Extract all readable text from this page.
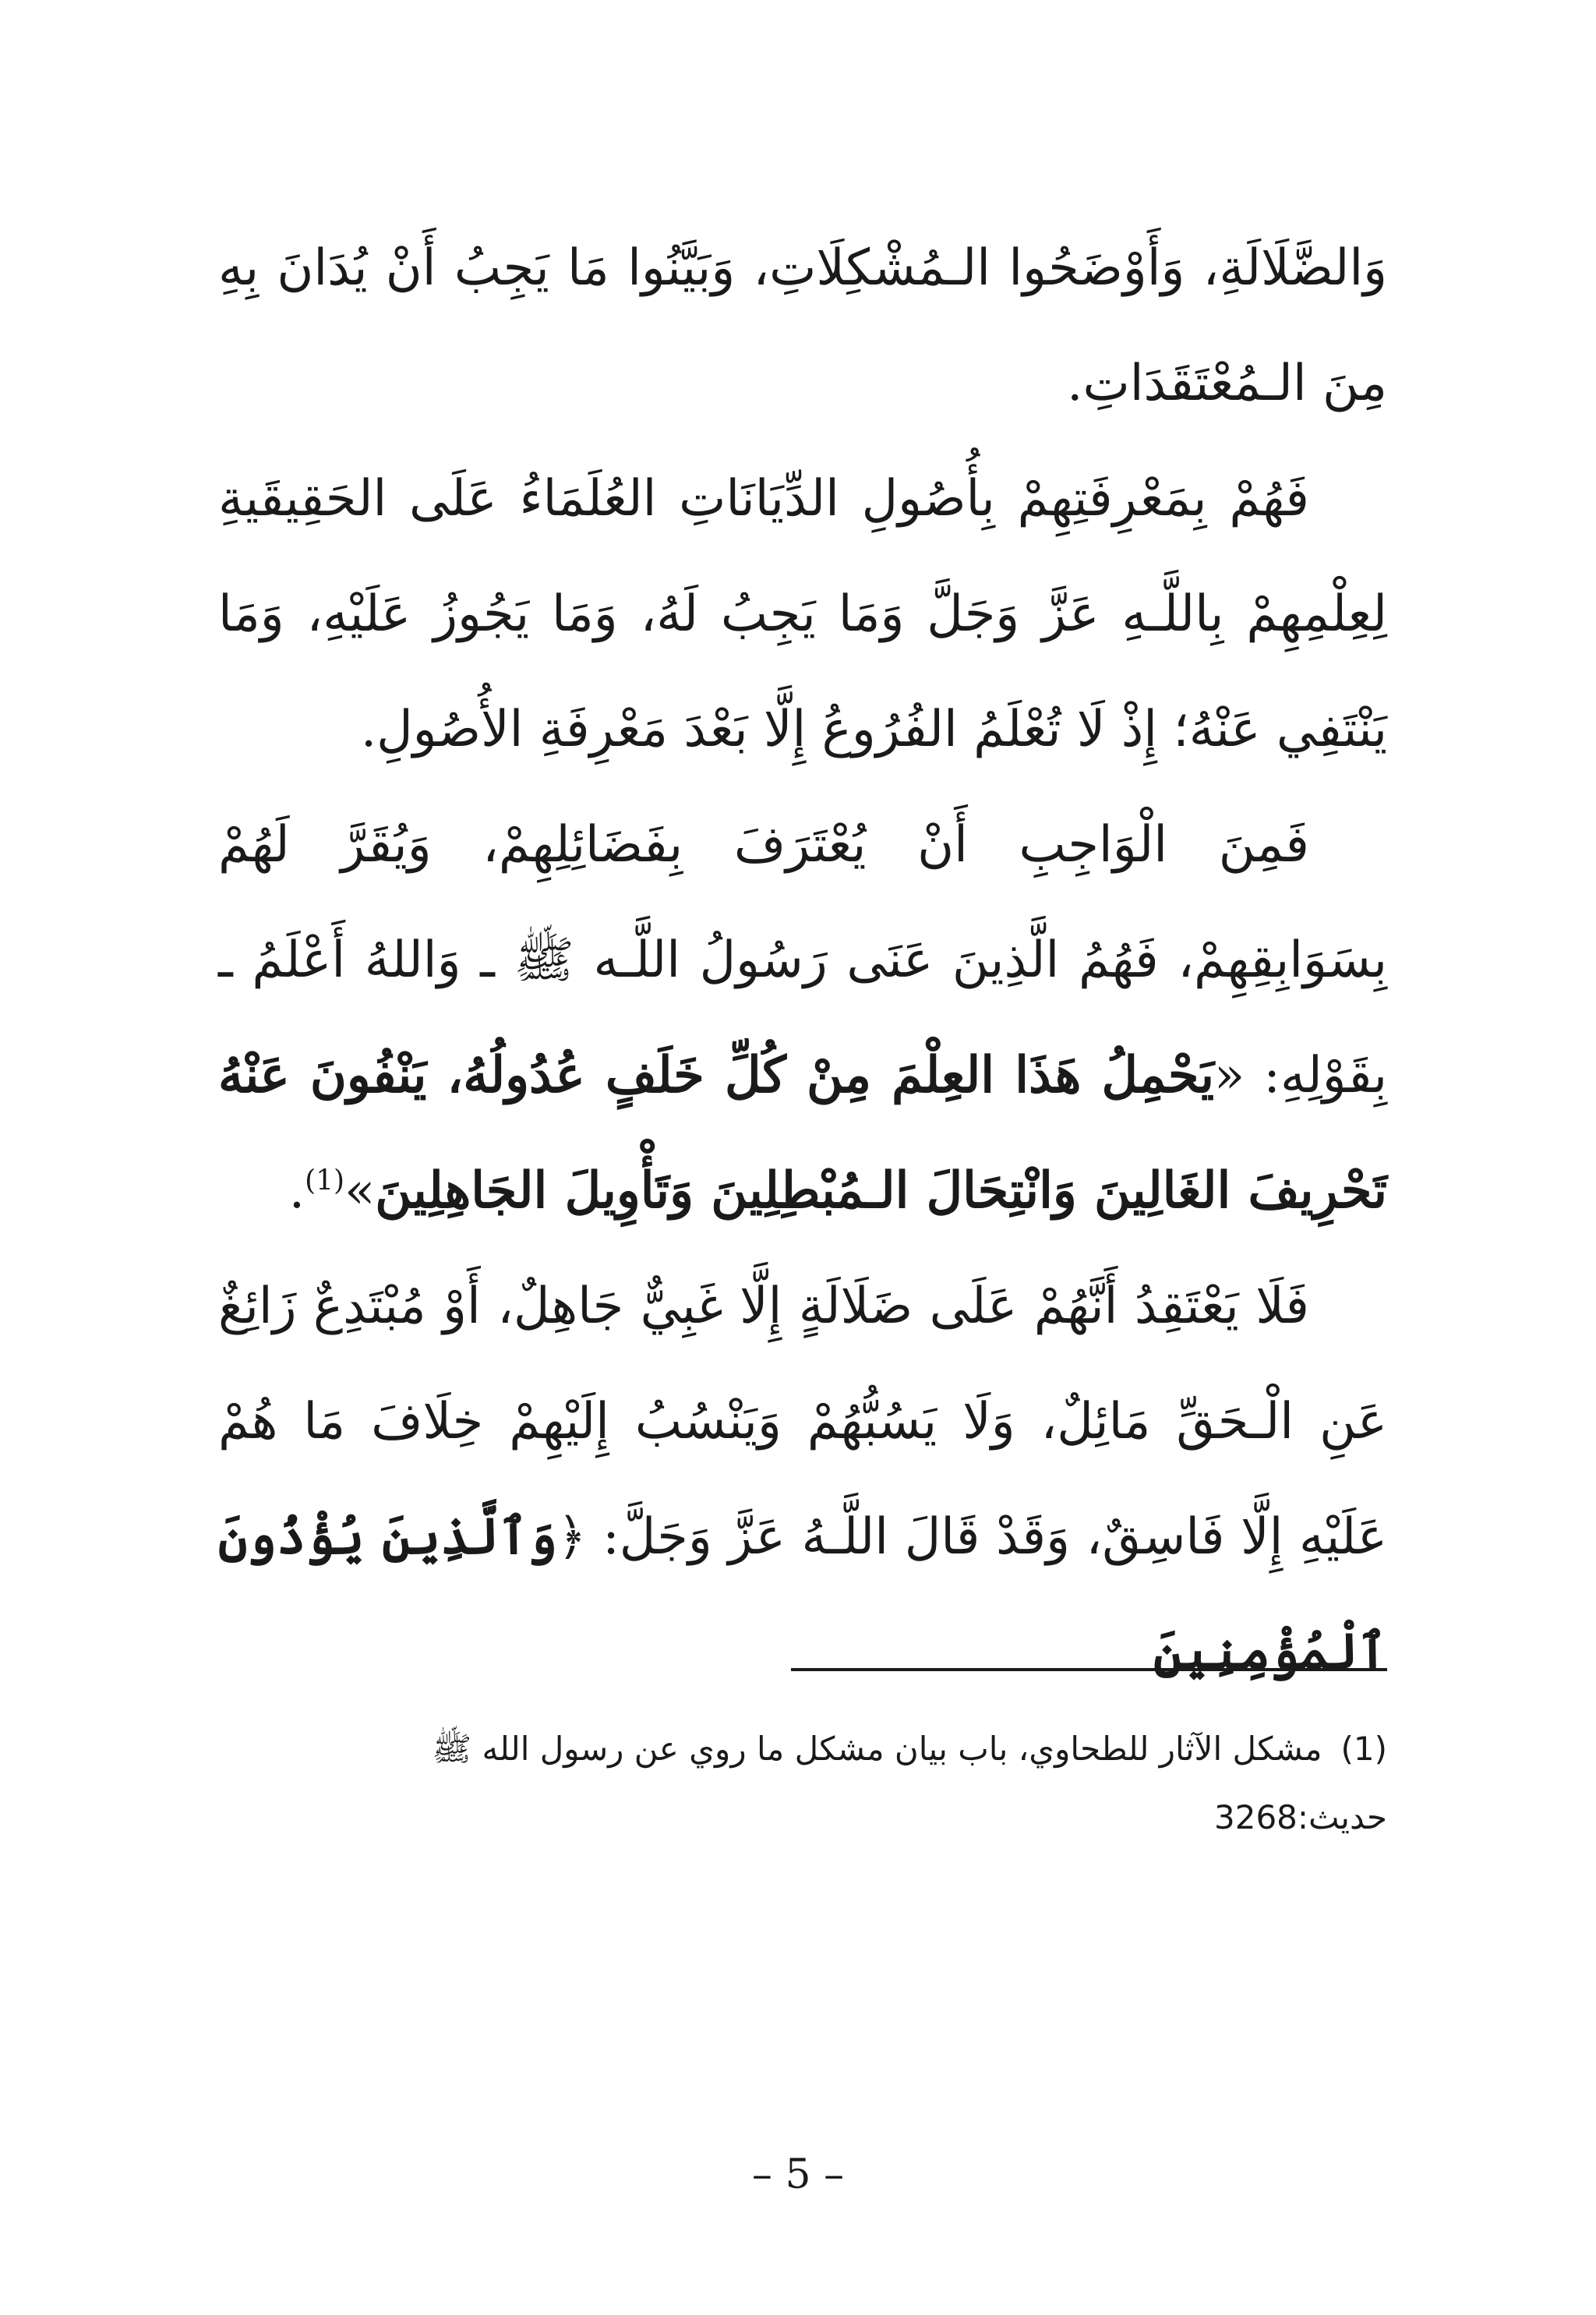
وَالضَّلَالَةِ، وَأَوْضَحُوا الـمُشْكِلَاتِ، وَبَيَّنُوا مَا يَجِبُ أَنْ يُدَانَ بِهِ مِنَ الـمُعْتَقَدَاتِ.

فَهُمْ بِمَعْرِفَتِهِمْ بِأُصُولِ الدِّيَانَاتِ العُلَمَاءُ عَلَى الحَقِيقَيةِ لِعِلْمِهِمْ بِاللَّـهِ عَزَّ وَجَلَّ وَمَا يَجِبُ لَهُ، وَمَا يَجُوزُ عَلَيْهِ، وَمَا يَنْتَفِي عَنْهُ؛ إِذْ لَا تُعْلَمُ الفُرُوعُ إِلَّا بَعْدَ مَعْرِفَةِ الأُصُولِ.

فَمِنَ الْوَاجِبِ أَنْ يُعْتَرَفَ بِفَضَائِلِهِمْ، وَيُقَرَّ لَهُمْ بِسَوَابِقِهِمْ، فَهُمُ الَّذِينَ عَنَى رَسُولُ اللَّـه ﷺ ـ وَاللهُ أَعْلَمُ ـ بِقَوْلِهِ: «يَحْمِلُ هَذَا العِلْمَ مِنْ كُلِّ خَلَفٍ عُدُولُهُ، يَنْفُونَ عَنْهُ تَحْرِيفَ الغَالِينَ وَانْتِحَالَ الـمُبْطِلِينَ وَتَأْوِيلَ الجَاهِلِينَ»$^{(1)}$.

فَلَا يَعْتَقِدُ أَنَّهُمْ عَلَى ضَلَالَةٍ إِلَّا غَبِيٌّ جَاهِلٌ، أَوْ مُبْتَدِعٌ زَائِغٌ عَنِ الْـحَقِّ مَائِلٌ، وَلَا يَسُبُّهُمْ وَيَنْسُبُ إِلَيْهِمْ خِلَافَ مَا هُمْ عَلَيْهِ إِلَّا فَاسِقٌ، وَقَدْ قَالَ اللَّـهُ عَزَّ وَجَلَّ: ﴿وَٱلَّذِينَ يُؤْذُونَ ٱلْمُؤْمِنِينَ

(1)مشكل الآثار للطحاوي، باب بيان مشكل ما روي عن رسول الله ﷺ
حديث:3268
– 5 –
